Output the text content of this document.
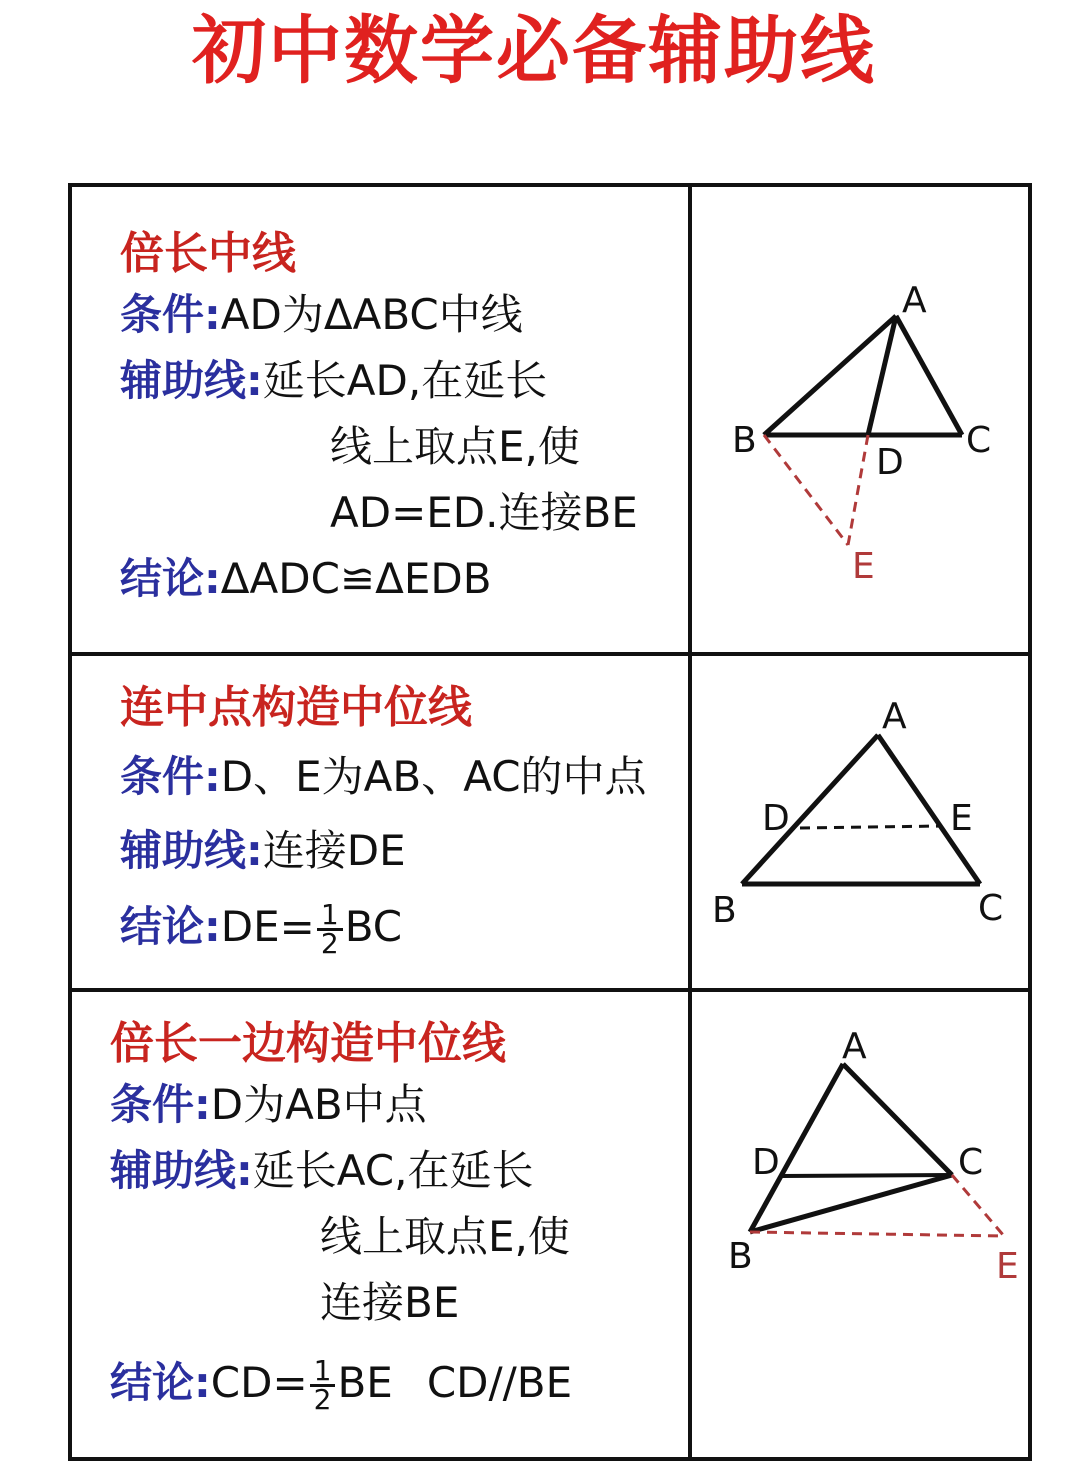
初中数学必备辅助线
倍长中线
条件:AD为ΔABC中线
辅助线:延长AD,在延长
线上取点E,使
AD=ED.连接BE
结论:ΔADC≌ΔEDB
连中点构造中位线
条件:D、E为AB、AC的中点
辅助线:连接DE
结论:DE= $\frac{1}{2}$ BC
倍长一边构造中位线
条件:D为AB中点
辅助线:延长AC,在延长
线上取点E,使
连接BE
结论:CD= $\frac{1}{2}$ BE CD//BE
A
B	C
D
E
A
B	C
D	E
A
B
C
D
E
